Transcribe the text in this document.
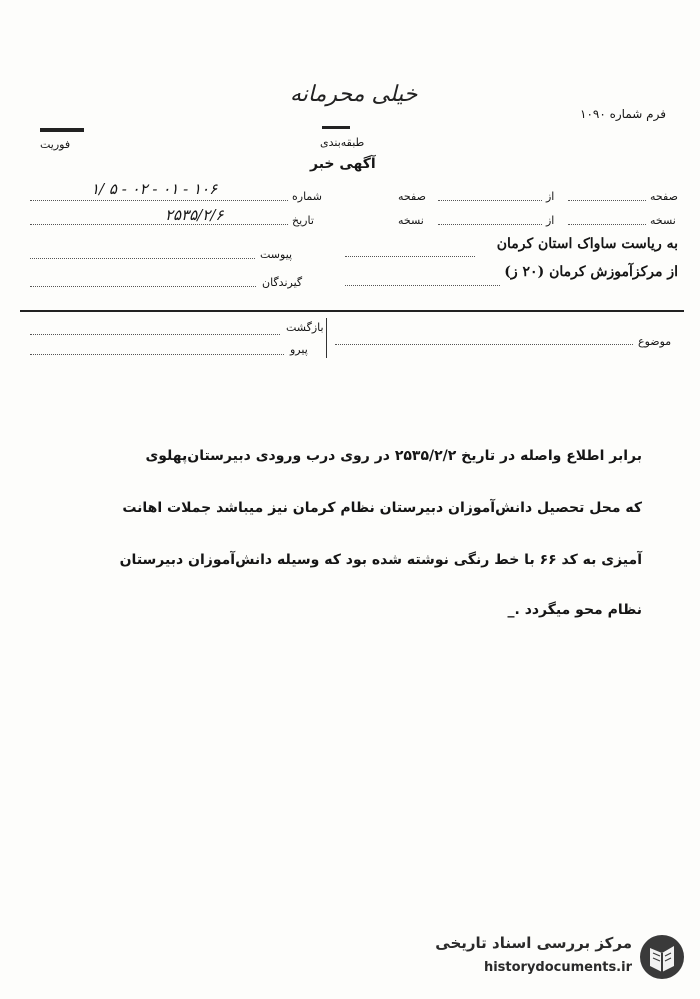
خیلی محرمانه
فرم شماره ۱۰۹۰
فوریت	طبقه‌بندی
آگهی خبر
صفحه
از
صفحه
شماره
۱/ ۵ - ۰۲ - ۰۱ - ۱۰۶
نسخه
از
نسخه
تاریخ
۲۵۳۵/۲/۶
به ریاست ساواک استان کرمان
پیوست
از مرکزآموزش کرمان (۲۰ ز)
گیرندگان
موضوع
بازگشت
پیرو
برابر اطلاع واصله در تاریخ ۲۵۳۵/۲/۲ در روی درب ورودی دبیرستان‌پهلوی
که محل تحصیل دانش‌آموزان دبیرستان نظام کرمان نیز میباشد جملات اهانت
آمیزی به کد ۶۶ با خط رنگی نوشته شده بود که وسیله دانش‌آموزان دبیرستان
نظام محو میگردد ._
مرکز بررسی اسناد تاریخی
historydocuments.ir
